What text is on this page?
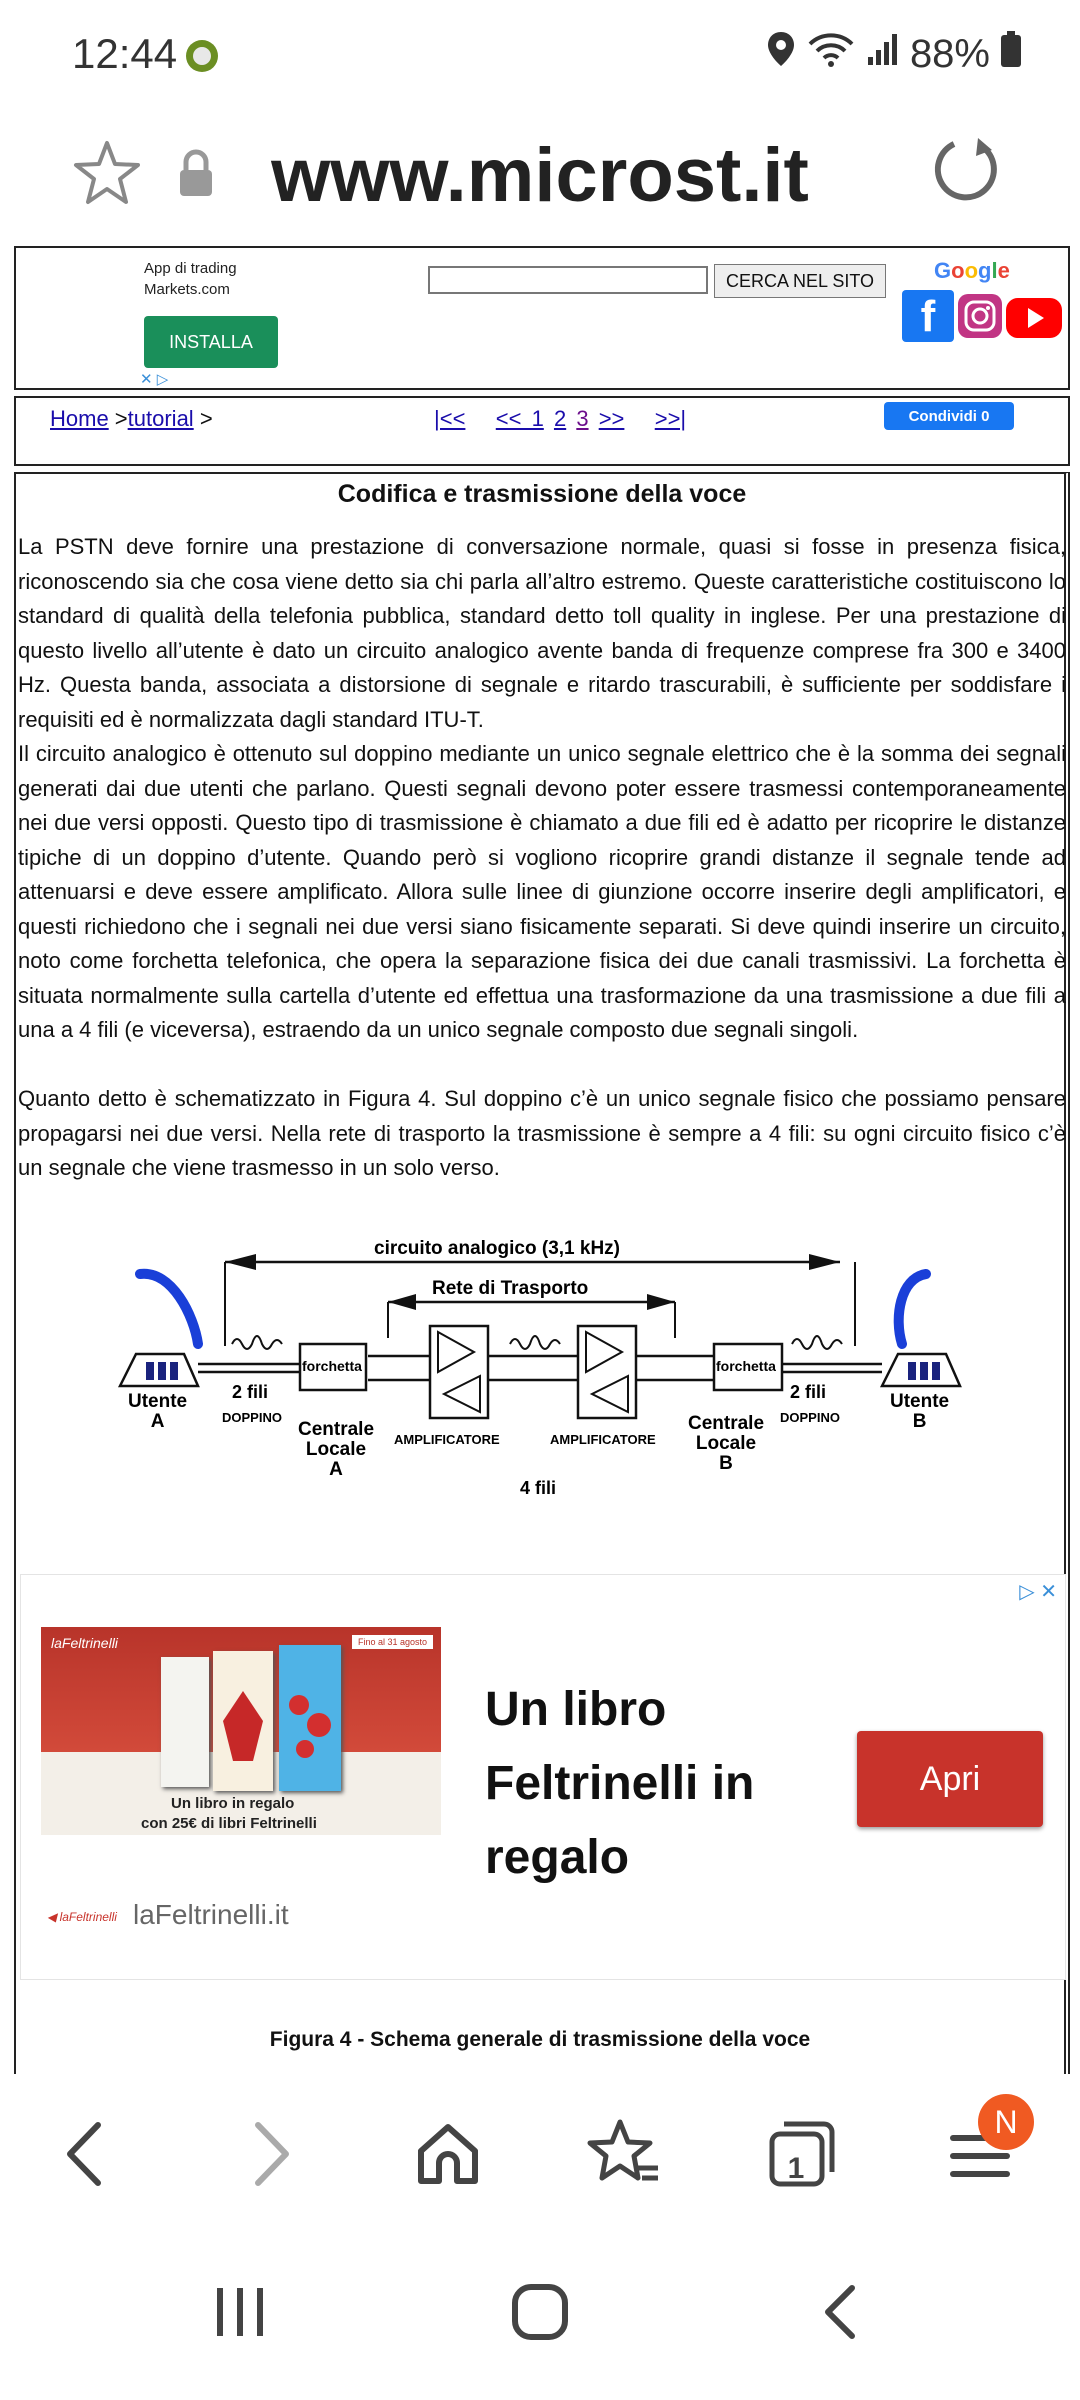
12:44	88%
www.microst.it
App di trading
Markets.com
INSTALLA
✕ ▷
CERCA NEL SITO	Google
f
Home >tutorial >	|<< << 1 2 3 >> >>|	Condividi 0
Codifica e trasmissione della voce
La PSTN deve fornire una prestazione di conversazione normale, quasi si fosse in presenza fisica, riconoscendo sia che cosa viene detto sia chi parla all’altro estremo. Queste caratteristiche costituiscono lo standard di qualità della telefonia pubblica, standard detto toll quality in inglese. Per una prestazione di questo livello all’utente è dato un circuito analogico avente banda di frequenze comprese fra 300 e 3400 Hz. Questa banda, associata a distorsione di segnale e ritardo trascurabili, è sufficiente per soddisfare i requisiti ed è normalizzata dagli standard ITU-T.
Il circuito analogico è ottenuto sul doppino mediante un unico segnale elettrico che è la somma dei segnali generati dai due utenti che parlano. Questi segnali devono poter essere trasmessi contemporaneamente nei due versi opposti. Questo tipo di trasmissione è chiamato a due fili ed è adatto per ricoprire le distanze tipiche di un doppino d’utente. Quando però si vogliono ricoprire grandi distanze il segnale tende ad attenuarsi e deve essere amplificato. Allora sulle linee di giunzione occorre inserire degli amplificatori, e questi richiedono che i segnali nei due versi siano fisicamente separati. Si deve quindi inserire un circuito, noto come forchetta telefonica, che opera la separazione fisica dei due canali trasmissivi. La forchetta è situata normalmente sulla cartella d’utente ed effettua una trasformazione da una trasmissione a due fili a una a 4 fili (e viceversa), estraendo da un unico segnale composto due segnali singoli.
Quanto detto è schematizzato in Figura 4. Sul doppino c’è un unico segnale fisico che possiamo pensare propagarsi nei due versi. Nella rete di trasporto la trasmissione è sempre a 4 fili: su ogni circuito fisico c’è un segnale che viene trasmesso in un solo verso.
circuito analogico (3,1 kHz)
Rete di Trasporto
forchetta	forchetta
2 fili	2 fili
DOPPINO	DOPPINO
Utente
A
Utente
B
Centrale
Locale
A
Centrale
Locale
B
AMPLIFICATORE	AMPLIFICATORE
4 fili
▷ ✕
laFeltrinelli	Fino al 31 agosto
Un libro in regalo
con 25€ di libri Feltrinelli
Un libro
Feltrinelli in
regalo
Apri
◀ laFeltrinelli laFeltrinelli.it
Figura 4 - Schema generale di trasmissione della voce
1
N
